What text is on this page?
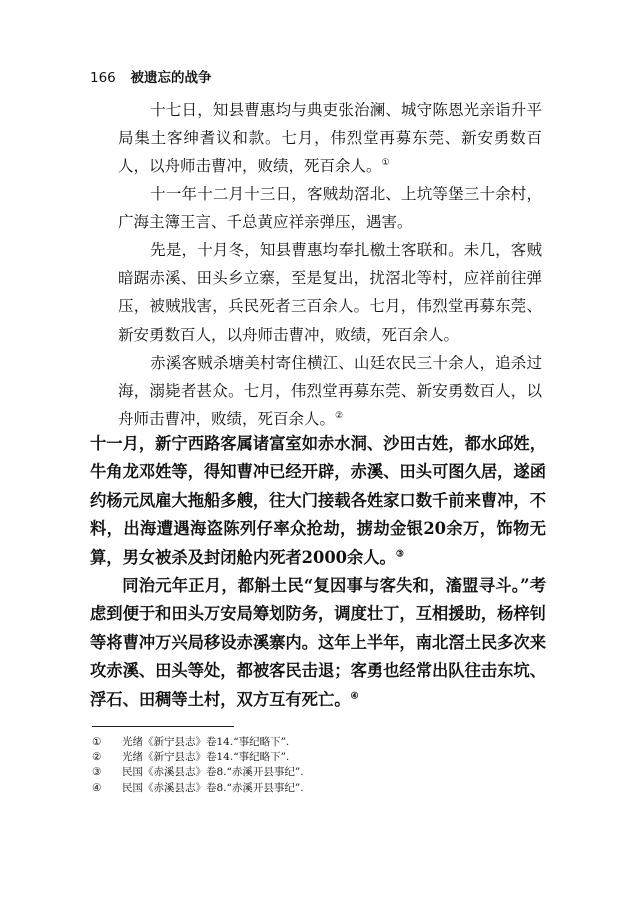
166 被遗忘的战争

十七日，知县曹惠均与典吏张治澜、城守陈恩光亲诣升平局集土客绅耆议和款。七月，伟烈堂再募东莞、新安勇数百人，以舟师击曹冲，败绩，死百余人。①

十一年十二月十三日，客贼劫滘北、上坑等堡三十余村，广海主簿王言、千总黄应祥亲弹压，遇害。

先是，十月冬，知县曹惠均奉扎檄土客联和。未几，客贼暗踞赤溪、田头乡立寨，至是复出，扰滘北等村，应祥前往弹压，被贼戕害，兵民死者三百余人。七月，伟烈堂再募东莞、新安勇数百人，以舟师击曹冲，败绩，死百余人。

赤溪客贼杀塘美村寄住横江、山廷农民三十余人，追杀过海，溺毙者甚众。七月，伟烈堂再募东莞、新安勇数百人，以舟师击曹冲，败绩，死百余人。②

十一月，新宁西路客属诸富室如赤水洞、沙田古姓，都水邱姓，牛角龙邓姓等，得知曹冲已经开辟，赤溪、田头可图久居，遂函约杨元凤雇大拖船多艘，往大门接载各姓家口数千前来曹冲，不料，出海遭遇海盗陈列仔率众抢劫，掳劫金银20余万，饰物无算，男女被杀及封闭舱内死者2000余人。③

同治元年正月，都斛土民“复因事与客失和，滀盟寻斗。”考虑到便于和田头万安局筹划防务，调度壮丁，互相援助，杨梓钊等将曹冲万兴局移设赤溪寨内。这年上半年，南北滘土民多次来攻赤溪、田头等处，都被客民击退；客勇也经常出队往击东坑、浮石、田稠等土村，双方互有死亡。④

① 光绪《新宁县志》卷14.“事纪略下”.
② 光绪《新宁县志》卷14.“事纪略下”.
③ 民国《赤溪县志》卷8.“赤溪开县事纪”.
④ 民国《赤溪县志》卷8.“赤溪开县事纪”.
